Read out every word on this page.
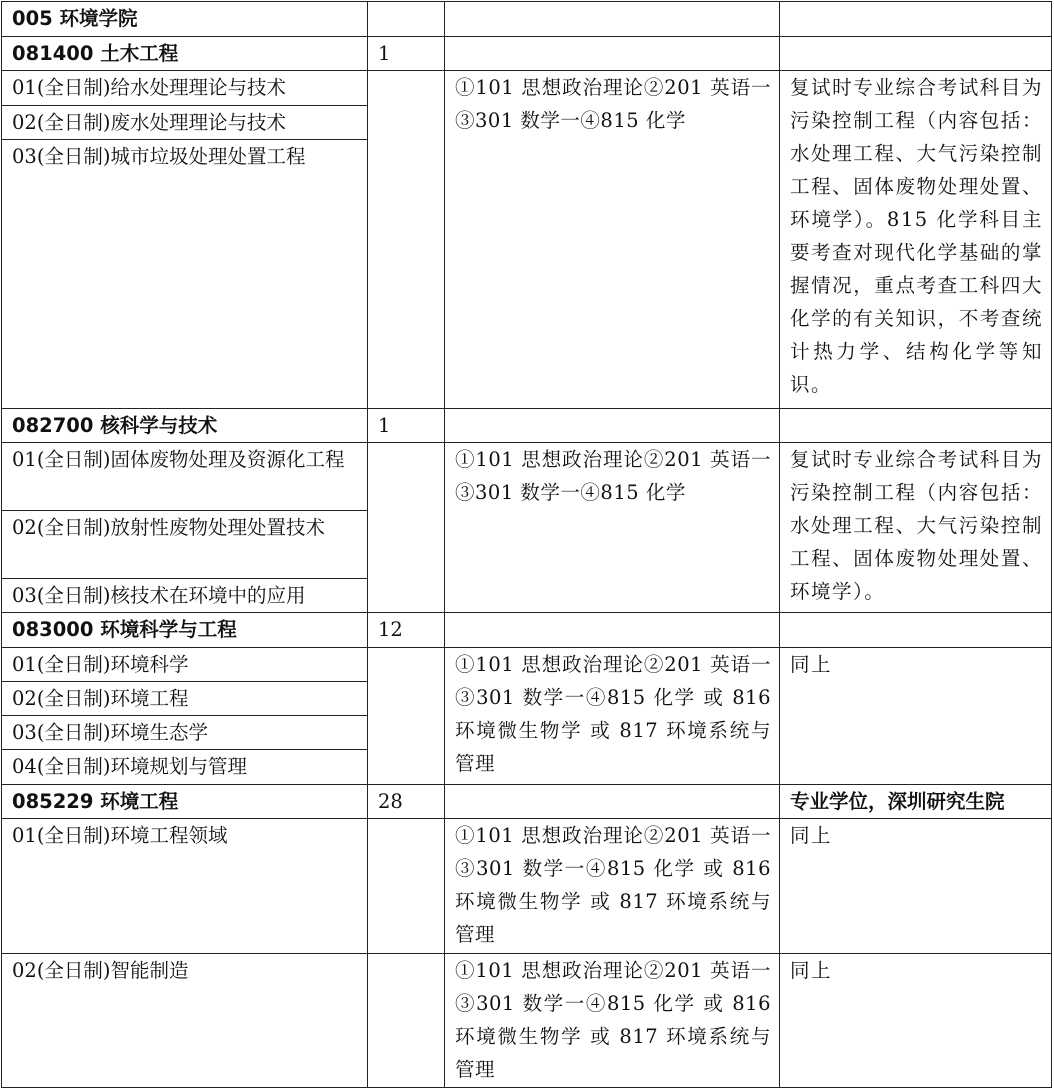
005 环境学院			
081400 土木工程	1		
01(全日制)给水处理理论与技术		①101 思想政治理论②201 英语一③301 数学一④815 化学	复试时专业综合考试科目为污染控制工程（内容包括：水处理工程、大气污染控制工程、固体废物处理处置、环境学）。815 化学科目主要考查对现代化学基础的掌握情况，重点考查工科四大化学的有关知识，不考查统计热力学、结构化学等知识。
02(全日制)废水处理理论与技术			
03(全日制)城市垃圾处理处置工程			
082700 核科学与技术	1		
01(全日制)固体废物处理及资源化工程		①101 思想政治理论②201 英语一③301 数学一④815 化学	复试时专业综合考试科目为污染控制工程（内容包括：水处理工程、大气污染控制工程、固体废物处理处置、环境学）。
02(全日制)放射性废物处理处置技术			
03(全日制)核技术在环境中的应用			
083000 环境科学与工程	12		
01(全日制)环境科学		①101 思想政治理论②201 英语一③301 数学一④815 化学 或 816 环境微生物学 或 817 环境系统与管理	同上
02(全日制)环境工程			
03(全日制)环境生态学			
04(全日制)环境规划与管理			
085229 环境工程	28		专业学位，深圳研究生院
01(全日制)环境工程领域		①101 思想政治理论②201 英语一③301 数学一④815 化学 或 816 环境微生物学 或 817 环境系统与管理	同上
02(全日制)智能制造		①101 思想政治理论②201 英语一③301 数学一④815 化学 或 816 环境微生物学 或 817 环境系统与管理	同上
